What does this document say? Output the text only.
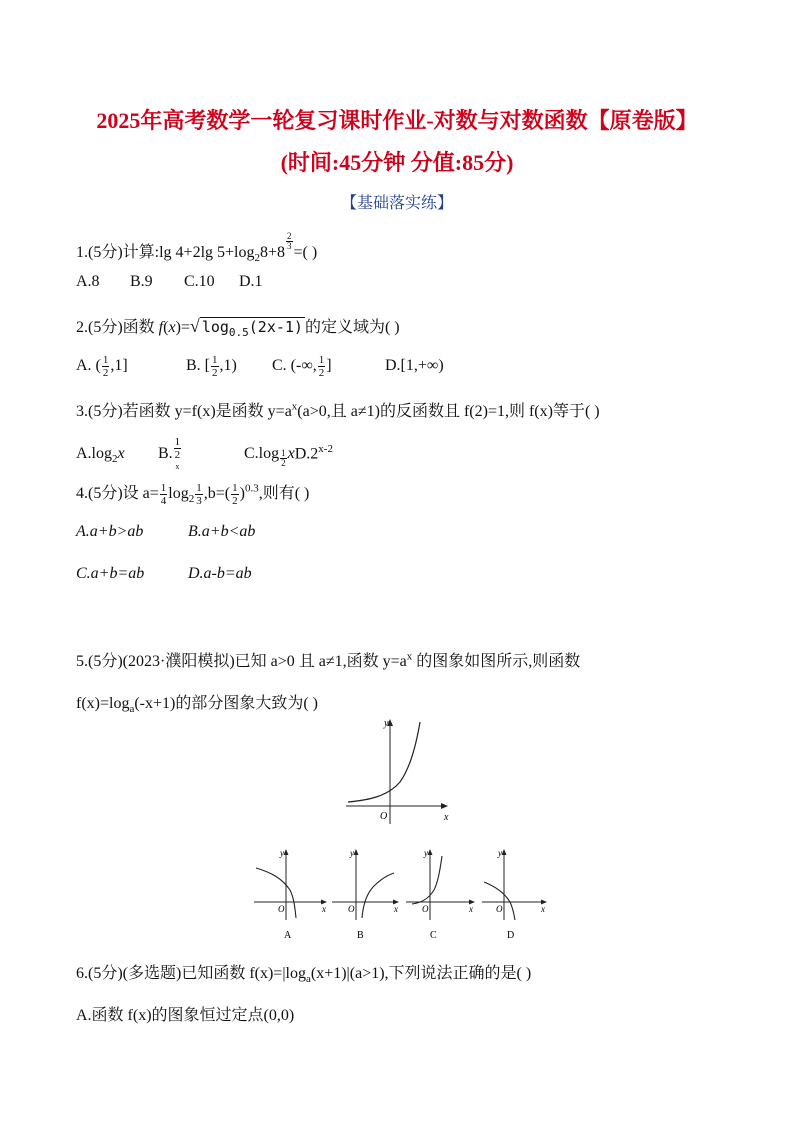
2025年高考数学一轮复习课时作业-对数与对数函数【原卷版】
(时间:45分钟 分值:85分)
【基础落实练】
1.(5分)计算:lg 4+2lg $5+\log_28+8$
$\frac{2}{3}$
=( )
A.8 B.9 C.10 D.1
2.(5分)函数 f(x)=√ $\log_{0.5}(2x-1)$ 的定义域为( )
A. ( $\frac{1}{2} ,1$]	B. [ $\frac{1}{2} ,1$) C. (-∞, $\frac{1}{2}$ ]	D.[1,+∞)
3.(5分)若函数 y=f(x)是函数 $y=a^x(a>0$,且 a≠1)的反函数且 f(2)=1,则 f(x)等于( )
$A.\log_2x$ B. 1
2
x	$C.\log \frac{1}{2} xD.2^{x-2}$
4.(5分)设 $a= \frac{1}{4} \log_2 \frac{1}{3} ,b=( \frac{1}{2} )^{0.3}$,则有( )
A.a+b>ab	B.a+b<ab
C.a+b=ab	D.a-b=ab
5.(5分)(2023·濮阳模拟)已知 a>0 且 a≠1,函数 $y=a^x$ 的图象如图所示,则函数
$f(x)=\log_a(-x+1)$的部分图象大致为( )
y
x
O
y
x
O
A
y
x
O
B
y
x
O
C
y
x
O
D
6.(5分)(多选题)已知函数 $f(x)=|\log_a(x+1)|(a>1)$,下列说法正确的是( )
A.函数 f(x)的图象恒过定点(0,0)
